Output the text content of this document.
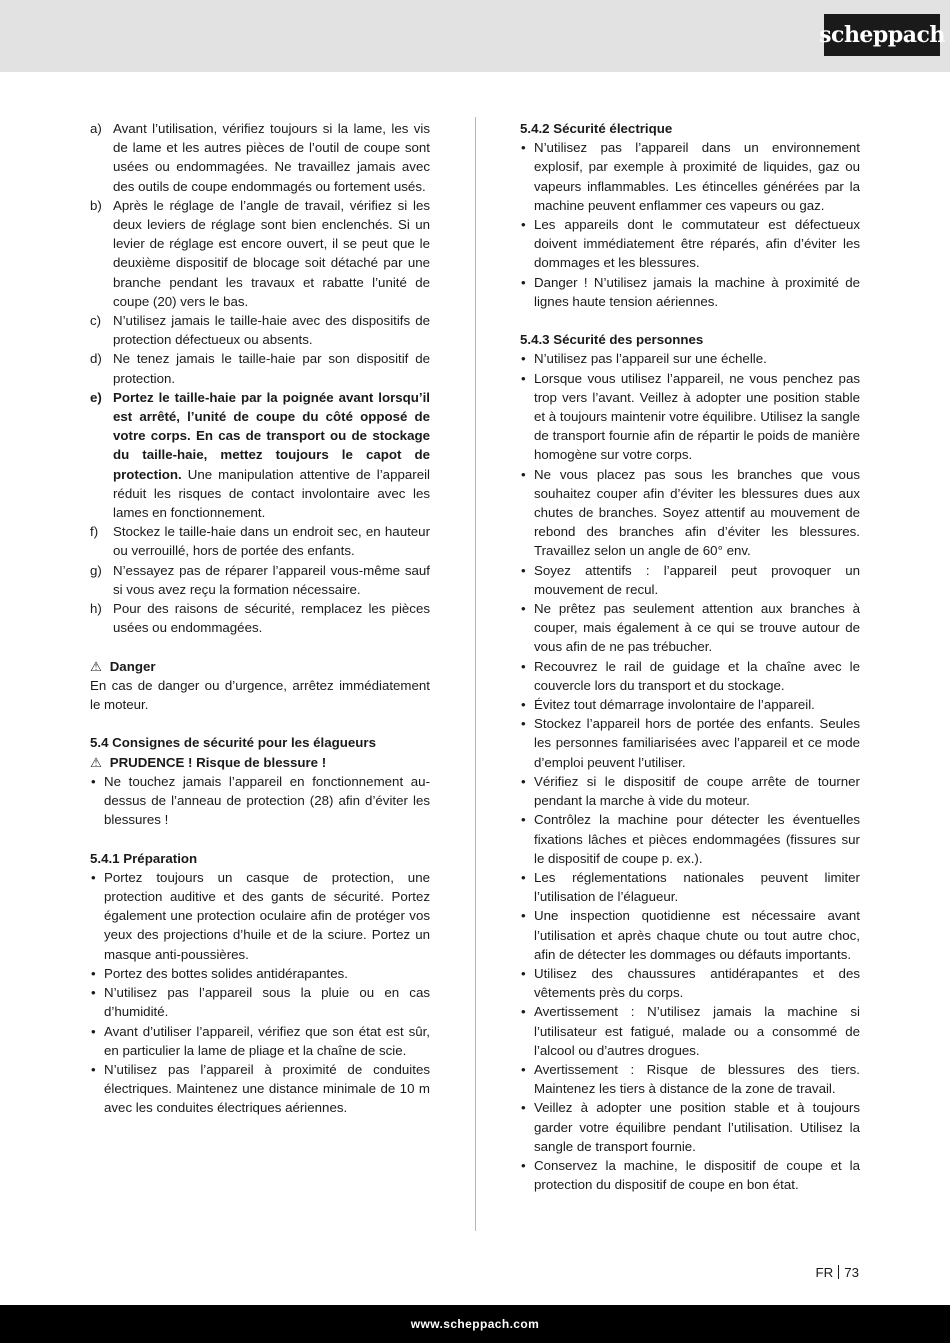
scheppach
a) Avant l’utilisation, vérifiez toujours si la lame, les vis de lame et les autres pièces de l’outil de coupe sont usées ou endommagées. Ne travaillez jamais avec des outils de coupe endommagés ou fortement usés.
b) Après le réglage de l’angle de travail, vérifiez si les deux leviers de réglage sont bien enclenchés. Si un levier de réglage est encore ouvert, il se peut que le deuxième dispositif de blocage soit détaché par une branche pendant les travaux et rabatte l’unité de coupe (20) vers le bas.
c) N’utilisez jamais le taille-haie avec des dispositifs de protection défectueux ou absents.
d) Ne tenez jamais le taille-haie par son dispositif de protection.
e) Portez le taille-haie par la poignée avant lorsqu’il est arrêté, l’unité de coupe du côté opposé de votre corps. En cas de transport ou de stockage du taille-haie, mettez toujours le capot de protection. Une manipulation attentive de l’appareil réduit les risques de contact involontaire avec les lames en fonctionnement.
f) Stockez le taille-haie dans un endroit sec, en hauteur ou verrouillé, hors de portée des enfants.
g) N’essayez pas de réparer l’appareil vous-même sauf si vous avez reçu la formation nécessaire.
h) Pour des raisons de sécurité, remplacez les pièces usées ou endommagées.
⚠ Danger
En cas de danger ou d’urgence, arrêtez immédiatement le moteur.
5.4 Consignes de sécurité pour les élagueurs
⚠ PRUDENCE ! Risque de blessure !
• Ne touchez jamais l’appareil en fonctionnement au-dessus de l’anneau de protection (28) afin d’éviter les blessures !
5.4.1 Préparation
• Portez toujours un casque de protection, une protection auditive et des gants de sécurité. Portez également une protection oculaire afin de protéger vos yeux des projections d’huile et de la sciure. Portez un masque anti-poussières.
• Portez des bottes solides antidérapantes.
• N’utilisez pas l’appareil sous la pluie ou en cas d’humidité.
• Avant d’utiliser l’appareil, vérifiez que son état est sûr, en particulier la lame de pliage et la chaîne de scie.
• N’utilisez pas l’appareil à proximité de conduites électriques. Maintenez une distance minimale de 10 m avec les conduites électriques aériennes.
5.4.2 Sécurité électrique
• N’utilisez pas l’appareil dans un environnement explosif, par exemple à proximité de liquides, gaz ou vapeurs inflammables. Les étincelles générées par la machine peuvent enflammer ces vapeurs ou gaz.
• Les appareils dont le commutateur est défectueux doivent immédiatement être réparés, afin d’éviter les dommages et les blessures.
• Danger ! N’utilisez jamais la machine à proximité de lignes haute tension aériennes.
5.4.3 Sécurité des personnes
• N’utilisez pas l’appareil sur une échelle.
• Lorsque vous utilisez l’appareil, ne vous penchez pas trop vers l’avant. Veillez à adopter une position stable et à toujours maintenir votre équilibre. Utilisez la sangle de transport fournie afin de répartir le poids de manière homogène sur votre corps.
• Ne vous placez pas sous les branches que vous souhaitez couper afin d’éviter les blessures dues aux chutes de branches. Soyez attentif au mouvement de rebond des branches afin d’éviter les blessures. Travaillez selon un angle de 60° env.
• Soyez attentifs : l’appareil peut provoquer un mouvement de recul.
• Ne prêtez pas seulement attention aux branches à couper, mais également à ce qui se trouve autour de vous afin de ne pas trébucher.
• Recouvrez le rail de guidage et la chaîne avec le couvercle lors du transport et du stockage.
• Évitez tout démarrage involontaire de l’appareil.
• Stockez l’appareil hors de portée des enfants. Seules les personnes familiarisées avec l’appareil et ce mode d’emploi peuvent l’utiliser.
• Vérifiez si le dispositif de coupe arrête de tourner pendant la marche à vide du moteur.
• Contrôlez la machine pour détecter les éventuelles fixations lâches et pièces endommagées (fissures sur le dispositif de coupe p. ex.).
• Les réglementations nationales peuvent limiter l’utilisation de l’élagueur.
• Une inspection quotidienne est nécessaire avant l’utilisation et après chaque chute ou tout autre choc, afin de détecter les dommages ou défauts importants.
• Utilisez des chaussures antidérapantes et des vêtements près du corps.
• Avertissement : N’utilisez jamais la machine si l’utilisateur est fatigué, malade ou a consommé de l’alcool ou d’autres drogues.
• Avertissement : Risque de blessures des tiers. Maintenez les tiers à distance de la zone de travail.
• Veillez à adopter une position stable et à toujours garder votre équilibre pendant l’utilisation. Utilisez la sangle de transport fournie.
• Conservez la machine, le dispositif de coupe et la protection du dispositif de coupe en bon état.
FR 73
www.scheppach.com
